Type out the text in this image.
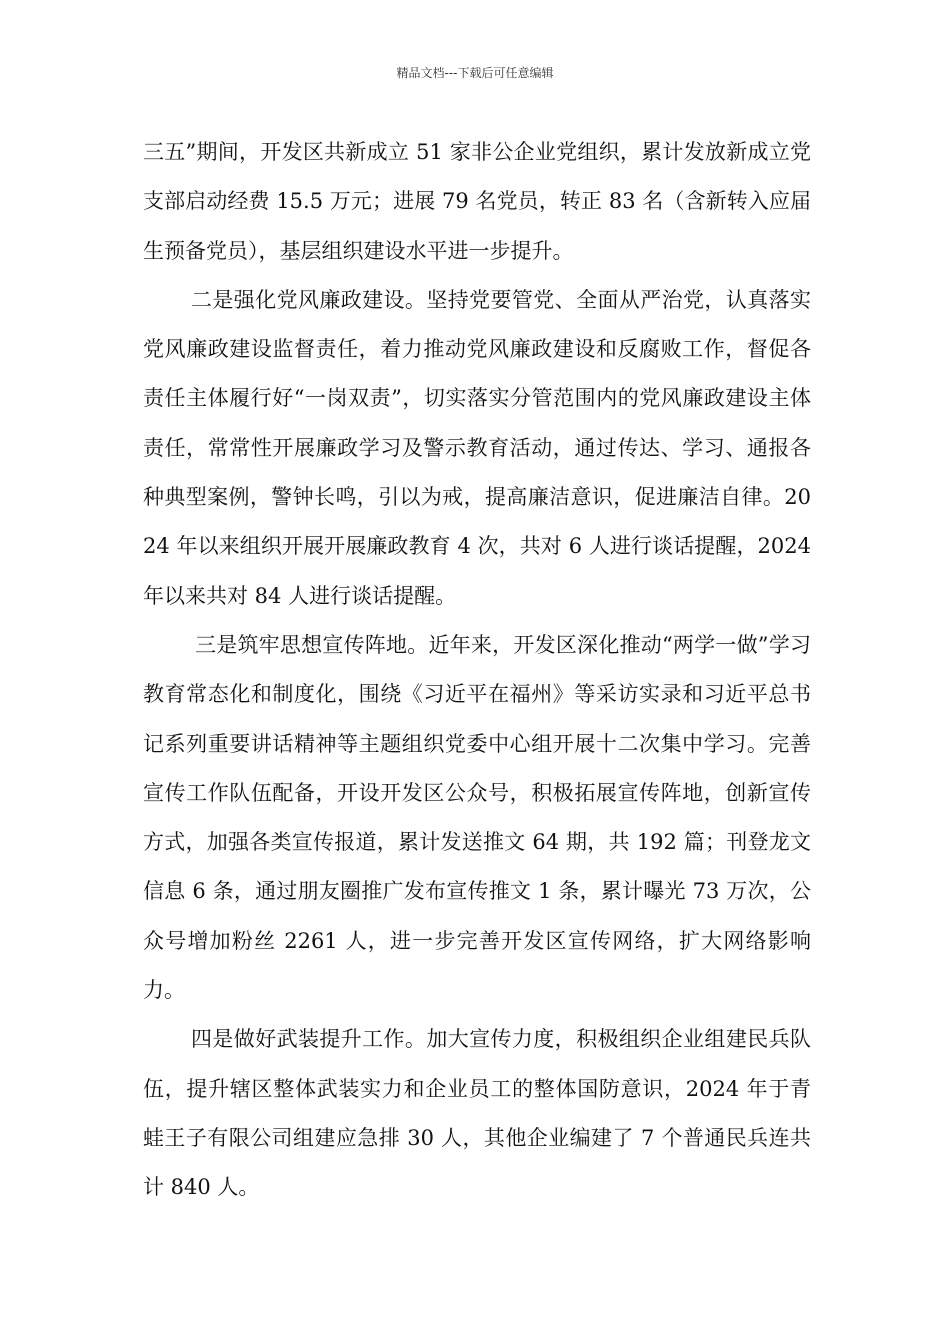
精品文档---下载后可任意编辑

三五”期间，开发区共新成立 51 家非公企业党组织，累计发放新成立党支部启动经费 15.5 万元；进展 79 名党员，转正 83 名（含新转入应届生预备党员），基层组织建设水平进一步提升。

二是强化党风廉政建设。坚持党要管党、全面从严治党，认真落实党风廉政建设监督责任，着力推动党风廉政建设和反腐败工作，督促各责任主体履行好“一岗双责”，切实落实分管范围内的党风廉政建设主体责任，常常性开展廉政学习及警示教育活动，通过传达、学习、通报各种典型案例，警钟长鸣，引以为戒，提高廉洁意识，促进廉洁自律。2024 年以来组织开展开展廉政教育 4 次，共对 6 人进行谈话提醒，2024 年以来共对 84 人进行谈话提醒。

三是筑牢思想宣传阵地。近年来，开发区深化推动“两学一做”学习教育常态化和制度化，围绕《习近平在福州》等采访实录和习近平总书记系列重要讲话精神等主题组织党委中心组开展十二次集中学习。完善宣传工作队伍配备，开设开发区公众号，积极拓展宣传阵地，创新宣传方式，加强各类宣传报道，累计发送推文 64 期，共 192 篇；刊登龙文信息 6 条，通过朋友圈推广发布宣传推文 1 条，累计曝光 73 万次，公众号增加粉丝 2261 人，进一步完善开发区宣传网络，扩大网络影响力。

四是做好武装提升工作。加大宣传力度，积极组织企业组建民兵队伍，提升辖区整体武装实力和企业员工的整体国防意识，2024 年于青蛙王子有限公司组建应急排 30 人，其他企业编建了 7 个普通民兵连共计 840 人。
